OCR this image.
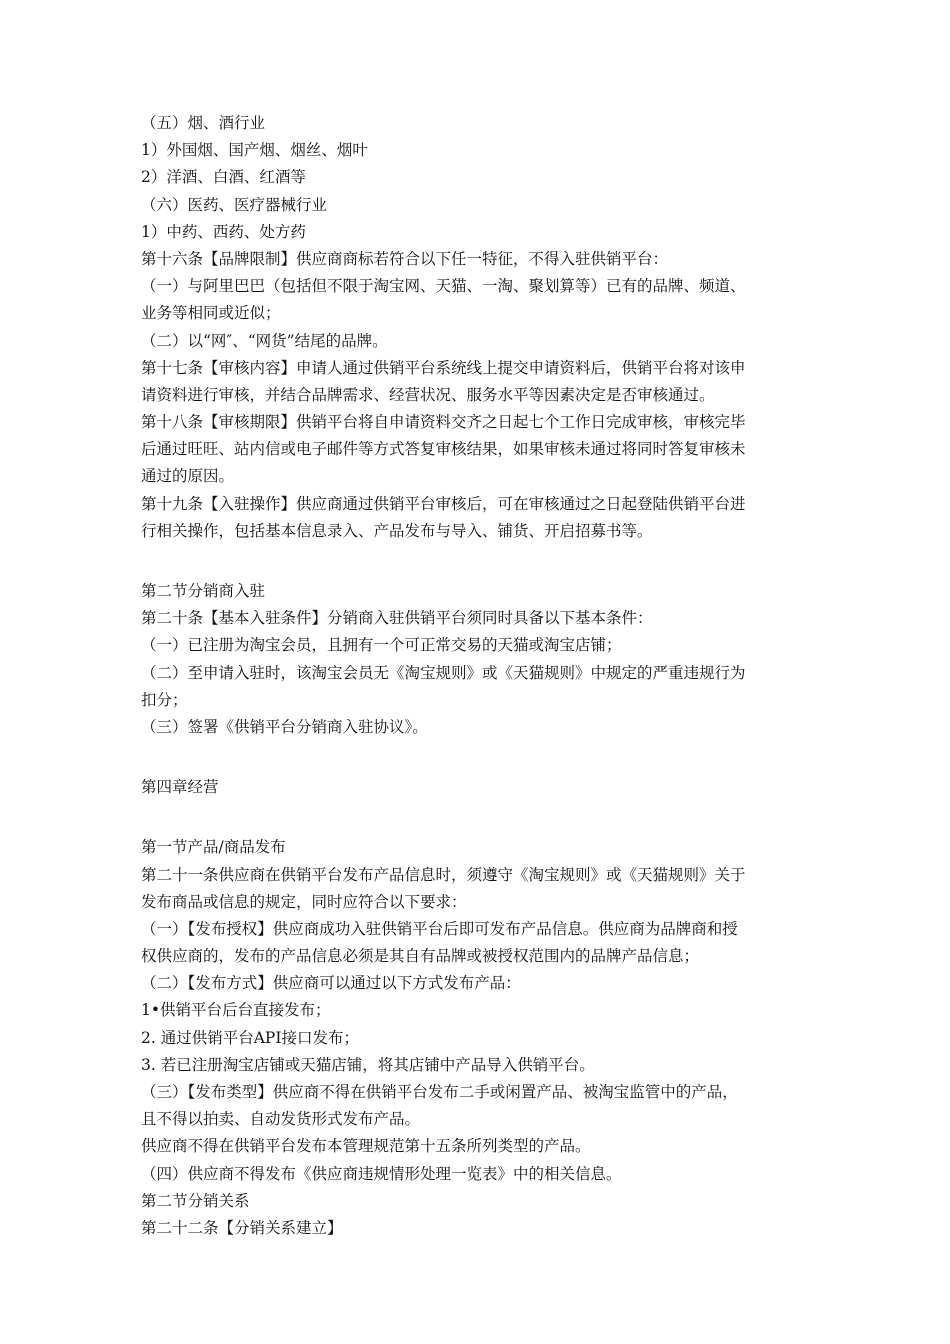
（五）烟、酒行业
1）外国烟、国产烟、烟丝、烟叶
2）洋酒、白酒、红酒等
（六）医药、医疗器械行业
1）中药、西药、处方药
第十六条【品牌限制】供应商商标若符合以下任一特征，不得入驻供销平台：
（一）与阿里巴巴（包括但不限于淘宝网、天猫、一淘、聚划算等）已有的品牌、频道、
业务等相同或近似；
（二）以“网″、“网货”结尾的品牌。
第十七条【审核内容】申请人通过供销平台系统线上提交申请资料后，供销平台将对该申
请资料进行审核，并结合品牌需求、经营状况、服务水平等因素决定是否审核通过。
第十八条【审核期限】供销平台将自申请资料交齐之日起七个工作日完成审核，审核完毕
后通过旺旺、站内信或电子邮件等方式答复审核结果，如果审核未通过将同时答复审核未
通过的原因。
第十九条【入驻操作】供应商通过供销平台审核后，可在审核通过之日起登陆供销平台进
行相关操作，包括基本信息录入、产品发布与导入、铺货、开启招募书等。
第二节分销商入驻
第二十条【基本入驻条件】分销商入驻供销平台须同时具备以下基本条件：
（一）已注册为淘宝会员，且拥有一个可正常交易的天猫或淘宝店铺；
（二）至申请入驻时，该淘宝会员无《淘宝规则》或《天猫规则》中规定的严重违规行为
扣分；
（三）签署《供销平台分销商入驻协议》。
第四章经营
第一节产品/商品发布
第二十一条供应商在供销平台发布产品信息时，须遵守《淘宝规则》或《天猫规则》关于
发布商品或信息的规定，同时应符合以下要求：
（一）【发布授权】供应商成功入驻供销平台后即可发布产品信息。供应商为品牌商和授
权供应商的，发布的产品信息必须是其自有品牌或被授权范围内的品牌产品信息；
（二）【发布方式】供应商可以通过以下方式发布产品：
1•供销平台后台直接发布；
2. 通过供销平台API接口发布；
3. 若已注册淘宝店铺或天猫店铺，将其店铺中产品导入供销平台。
（三）【发布类型】供应商不得在供销平台发布二手或闲置产品、被淘宝监管中的产品，
且不得以拍卖、自动发货形式发布产品。
供应商不得在供销平台发布本管理规范第十五条所列类型的产品。
（四）供应商不得发布《供应商违规情形处理一览表》中的相关信息。
第二节分销关系
第二十二条【分销关系建立】
